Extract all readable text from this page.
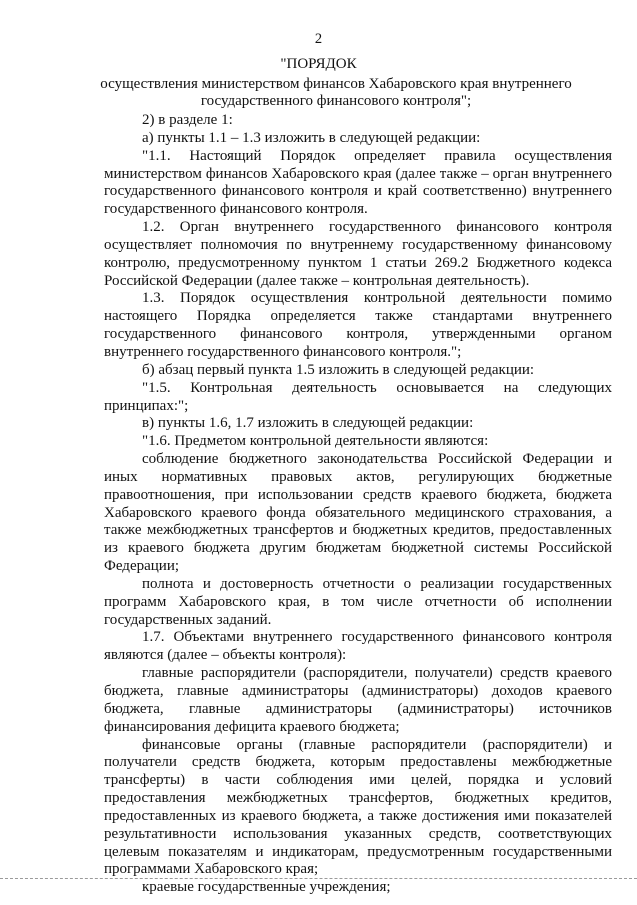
2
"ПОРЯДОК
осуществления министерством финансов Хабаровского края внутреннего государственного финансового контроля";

2) в разделе 1:

а) пункты 1.1 – 1.3 изложить в следующей редакции:

"1.1. Настоящий Порядок определяет правила осуществления министерством финансов Хабаровского края (далее также – орган внутреннего государственного финансового контроля и край соответственно) внутреннего государственного финансового контроля.

1.2. Орган внутреннего государственного финансового контроля осуществляет полномочия по внутреннему государственному финансовому контролю, предусмотренному пунктом 1 статьи 269.2 Бюджетного кодекса Российской Федерации (далее также – контрольная деятельность).

1.3. Порядок осуществления контрольной деятельности помимо настоящего Порядка определяется также стандартами внутреннего государственного финансового контроля, утвержденными органом внутреннего государственного финансового контроля.";

б) абзац первый пункта 1.5 изложить в следующей редакции:

"1.5. Контрольная деятельность основывается на следующих принципах:";

в) пункты 1.6, 1.7 изложить в следующей редакции:

"1.6. Предметом контрольной деятельности являются:

соблюдение бюджетного законодательства Российской Федерации и иных нормативных правовых актов, регулирующих бюджетные правоотношения, при использовании средств краевого бюджета, бюджета Хабаровского краевого фонда обязательного медицинского страхования, а также межбюджетных трансфертов и бюджетных кредитов, предоставленных из краевого бюджета другим бюджетам бюджетной системы Российской Федерации;

полнота и достоверность отчетности о реализации государственных программ Хабаровского края, в том числе отчетности об исполнении государственных заданий.

1.7. Объектами внутреннего государственного финансового контроля являются (далее – объекты контроля):

главные распорядители (распорядители, получатели) средств краевого бюджета, главные администраторы (администраторы) доходов краевого бюджета, главные администраторы (администраторы) источников финансирования дефицита краевого бюджета;

финансовые органы (главные распорядители (распорядители) и получатели средств бюджета, которым предоставлены межбюджетные трансферты) в части соблюдения ими целей, порядка и условий предоставления межбюджетных трансфертов, бюджетных кредитов, предоставленных из краевого бюджета, а также достижения ими показателей результативности использования указанных средств, соответствующих целевым показателям и индикаторам, предусмотренным государственными программами Хабаровского края;

краевые государственные учреждения;
